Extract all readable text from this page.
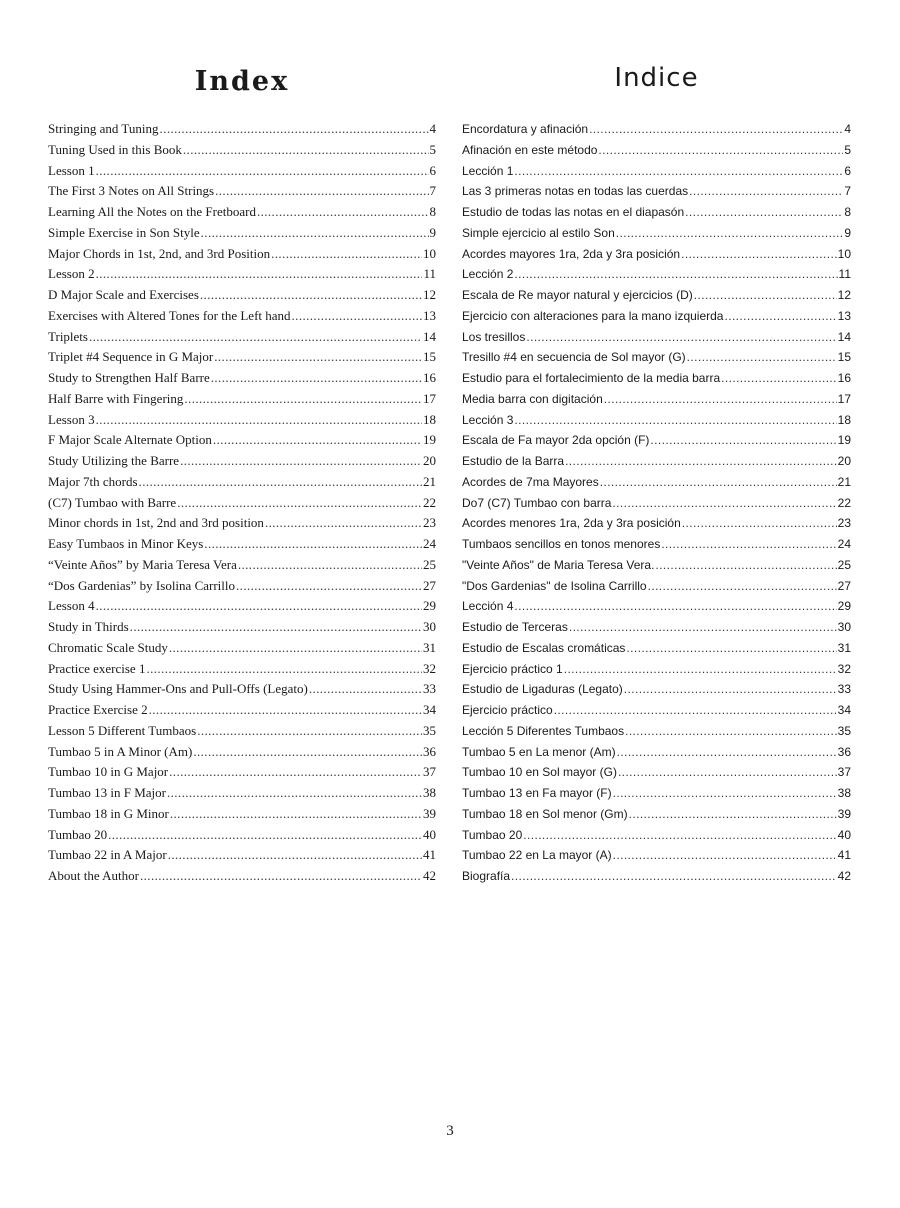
Index
Stringing and Tuning .....	4
Tuning Used in this Book .....	5
Lesson 1 .....	6
The First 3 Notes on All Strings .....	7
Learning All the Notes on the Fretboard .....	8
Simple Exercise in Son Style .....	9
Major Chords in 1st, 2nd, and 3rd Position .....	10
Lesson 2 .....	11
D Major Scale and Exercises .....	12
Exercises with Altered Tones for the Left hand .....	13
Triplets .....	14
Triplet #4 Sequence in G Major .....	15
Study to Strengthen Half Barre .....	16
Half Barre with Fingering .....	17
Lesson 3 .....	18
F Major Scale Alternate Option .....	19
Study Utilizing the Barre .....	20
Major 7th chords .....	21
(C7) Tumbao with Barre .....	22
Minor chords in 1st, 2nd and 3rd position .....	23
Easy Tumbaos in Minor Keys .....	24
“Veinte Años” by Maria Teresa Vera .....	25
“Dos Gardenias” by Isolina Carrillo .....	27
Lesson 4 .....	29
Study in Thirds .....	30
Chromatic Scale Study .....	31
Practice exercise 1 .....	32
Study Using Hammer-Ons and Pull-Offs (Legato) .....	33
Practice Exercise 2 .....	34
Lesson 5 Different Tumbaos .....	35
Tumbao 5 in A Minor (Am) .....	36
Tumbao 10 in G Major .....	37
Tumbao 13 in F Major .....	38
Tumbao 18 in G Minor .....	39
Tumbao 20 .....	40
Tumbao 22 in A Major .....	41
About the Author .....	42
Indice
Encordatura y afinación .....	4
Afinación en este método .....	5
Lección 1 .....	6
Las 3 primeras notas en todas las cuerdas .....	7
Estudio de todas las notas en el diapasón .....	8
Simple ejercicio al estilo Son .....	9
Acordes mayores 1ra, 2da y 3ra posición .....	10
Lección 2 .....	11
Escala de Re mayor natural y ejercicios (D) .....	12
Ejercicio con alteraciones para la mano izquierda .....	13
Los tresillos .....	14
Tresillo #4 en secuencia de Sol mayor (G) .....	15
Estudio para el fortalecimiento de la media barra .....	16
Media barra con digitación .....	17
Lección 3 .....	18
Escala de Fa mayor 2da opción (F) .....	19
Estudio de la Barra .....	20
Acordes de 7ma Mayores .....	21
Do7 (C7) Tumbao con barra .....	22
Acordes menores 1ra, 2da y 3ra posición .....	23
Tumbaos sencillos en tonos menores .....	24
"Veinte Años" de Maria Teresa Vera. .....	25
"Dos Gardenias" de Isolina Carrillo .....	27
Lección 4 .....	29
Estudio de Terceras .....	30
Estudio de Escalas cromáticas .....	31
Ejercicio práctico 1 .....	32
Estudio de Ligaduras (Legato) .....	33
Ejercicio práctico .....	34
Lección 5 Diferentes Tumbaos .....	35
Tumbao 5 en La menor (Am) .....	36
Tumbao 10 en Sol mayor (G) .....	37
Tumbao 13 en Fa mayor (F) .....	38
Tumbao 18 en Sol menor (Gm) .....	39
Tumbao 20 .....	40
Tumbao 22 en La mayor (A) .....	41
Biografía .....	42
3
